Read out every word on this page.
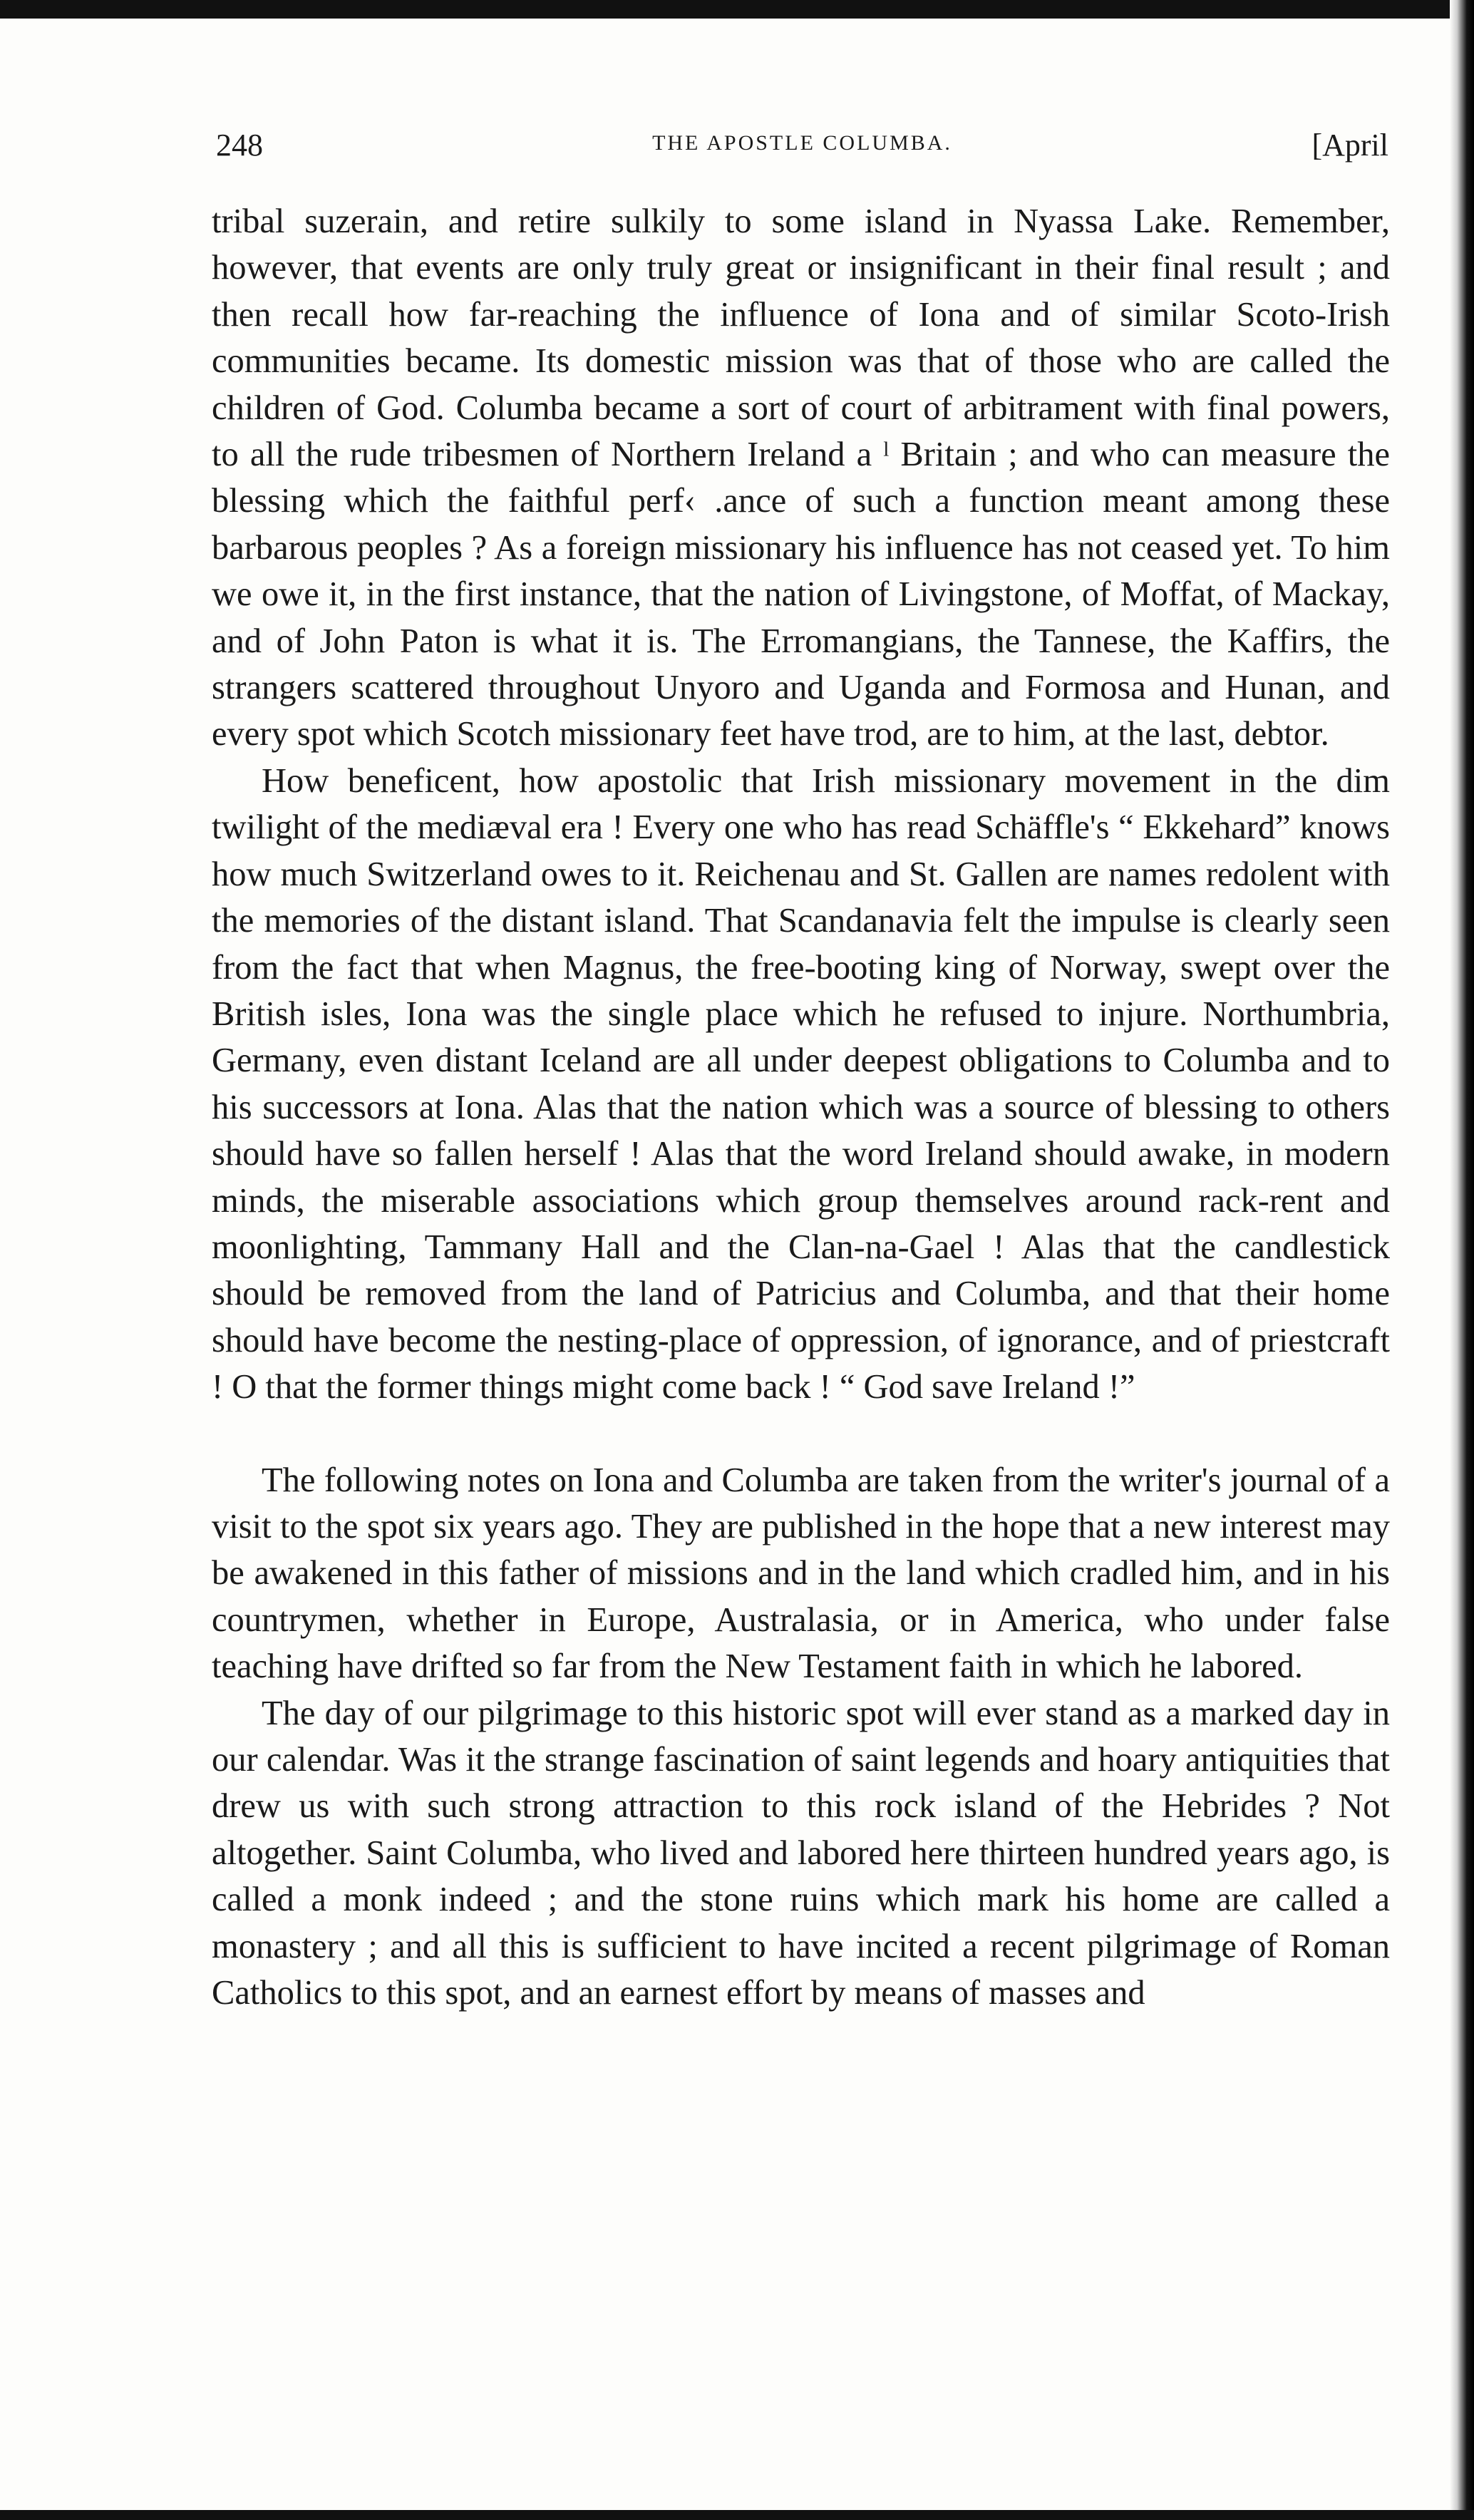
248	THE APOSTLE COLUMBA.	[April

tribal suzerain, and retire sulkily to some island in Nyassa Lake. Remember, however, that events are only truly great or insignificant in their final result ; and then recall how far-reaching the influence of Iona and of similar Scoto-Irish communities became. Its domestic mission was that of those who are called the children of God. Columba became a sort of court of arbitrament with final powers, to all the rude tribesmen of Northern Ireland a ˡ Britain ; and who can measure the blessing which the faithful perf‹ .ance of such a function meant among these barbarous peoples ? As a foreign missionary his influence has not ceased yet. To him we owe it, in the first instance, that the nation of Livingstone, of Moffat, of Mackay, and of John Paton is what it is. The Erromangians, the Tannese, the Kaffirs, the strangers scattered throughout Unyoro and Uganda and Formosa and Hunan, and every spot which Scotch missionary feet have trod, are to him, at the last, debtor.

How beneficent, how apostolic that Irish missionary movement in the dim twilight of the mediæval era ! Every one who has read Schäffle's “ Ekkehard” knows how much Switzerland owes to it. Reichenau and St. Gallen are names redolent with the memories of the distant island. That Scandanavia felt the impulse is clearly seen from the fact that when Magnus, the free-booting king of Norway, swept over the British isles, Iona was the single place which he refused to injure. Northumbria, Germany, even distant Iceland are all under deepest obligations to Columba and to his successors at Iona. Alas that the nation which was a source of blessing to others should have so fallen herself ! Alas that the word Ireland should awake, in modern minds, the miserable associations which group themselves around rack-rent and moonlighting, Tammany Hall and the Clan-na-Gael ! Alas that the candlestick should be removed from the land of Patricius and Columba, and that their home should have become the nesting-place of oppression, of ignorance, and of priestcraft ! O that the former things might come back ! “ God save Ireland !”

The following notes on Iona and Columba are taken from the writer's journal of a visit to the spot six years ago. They are published in the hope that a new interest may be awakened in this father of missions and in the land which cradled him, and in his countrymen, whether in Europe, Australasia, or in America, who under false teaching have drifted so far from the New Testament faith in which he labored.

The day of our pilgrimage to this historic spot will ever stand as a marked day in our calendar. Was it the strange fascination of saint legends and hoary antiquities that drew us with such strong attraction to this rock island of the Hebrides ? Not altogether. Saint Columba, who lived and labored here thirteen hundred years ago, is called a monk indeed ; and the stone ruins which mark his home are called a monastery ; and all this is sufficient to have incited a recent pilgrimage of Roman Catholics to this spot, and an earnest effort by means of masses and
